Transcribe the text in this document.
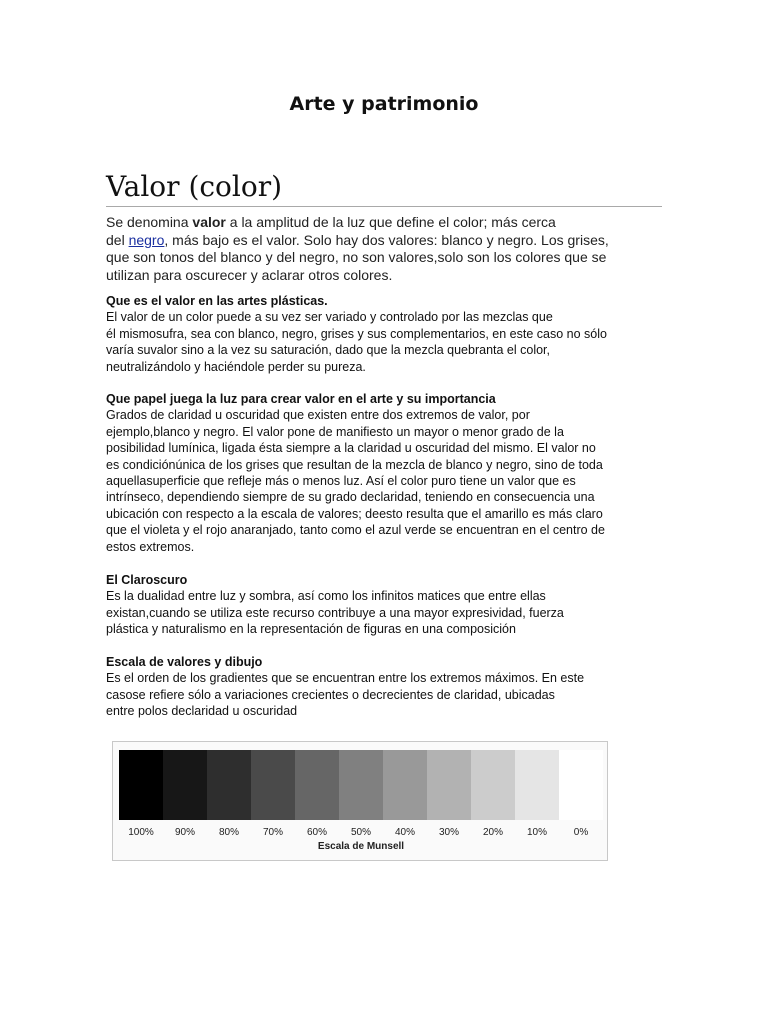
Arte y patrimonio
Valor (color)
Se denomina valor a la amplitud de la luz que define el color; más cerca
del negro, más bajo es el valor. Solo hay dos valores: blanco y negro. Los grises,
que son tonos del blanco y del negro, no son valores,solo son los colores que se
utilizan para oscurecer y aclarar otros colores.
Que es el valor en las artes plásticas.
El valor de un color puede a su vez ser variado y controlado por las mezclas que
él mismosufra, sea con blanco, negro, grises y sus complementarios, en este caso no sólo
varía suvalor sino a la vez su saturación, dado que la mezcla quebranta el color,
neutralizándolo y haciéndole perder su pureza.
Que papel juega la luz para crear valor en el arte y su importancia
Grados de claridad u oscuridad que existen entre dos extremos de valor, por
ejemplo,blanco y negro. El valor pone de manifiesto un mayor o menor grado de la
posibilidad lumínica, ligada ésta siempre a la claridad u oscuridad del mismo. El valor no
es condiciónúnica de los grises que resultan de la mezcla de blanco y negro, sino de toda
aquellasuperficie que refleje más o menos luz. Así el color puro tiene un valor que es
intrínseco, dependiendo siempre de su grado declaridad, teniendo en consecuencia una
ubicación con respecto a la escala de valores; deesto resulta que el amarillo es más claro
que el violeta y el rojo anaranjado, tanto como el azul verde se encuentran en el centro de
estos extremos.
El Claroscuro
Es la dualidad entre luz y sombra, así como los infinitos matices que entre ellas
existan,cuando se utiliza este recurso contribuye a una mayor expresividad, fuerza
plástica y naturalismo en la representación de figuras en una composición
Escala de valores y dibujo
Es el orden de los gradientes que se encuentran entre los extremos máximos. En este
casose refiere sólo a variaciones crecientes o decrecientes de claridad, ubicadas
entre polos declaridad u oscuridad
100%	90%	80%	70%	60%	50%	40%	30%	20%	10%	0%
Escala de Munsell
